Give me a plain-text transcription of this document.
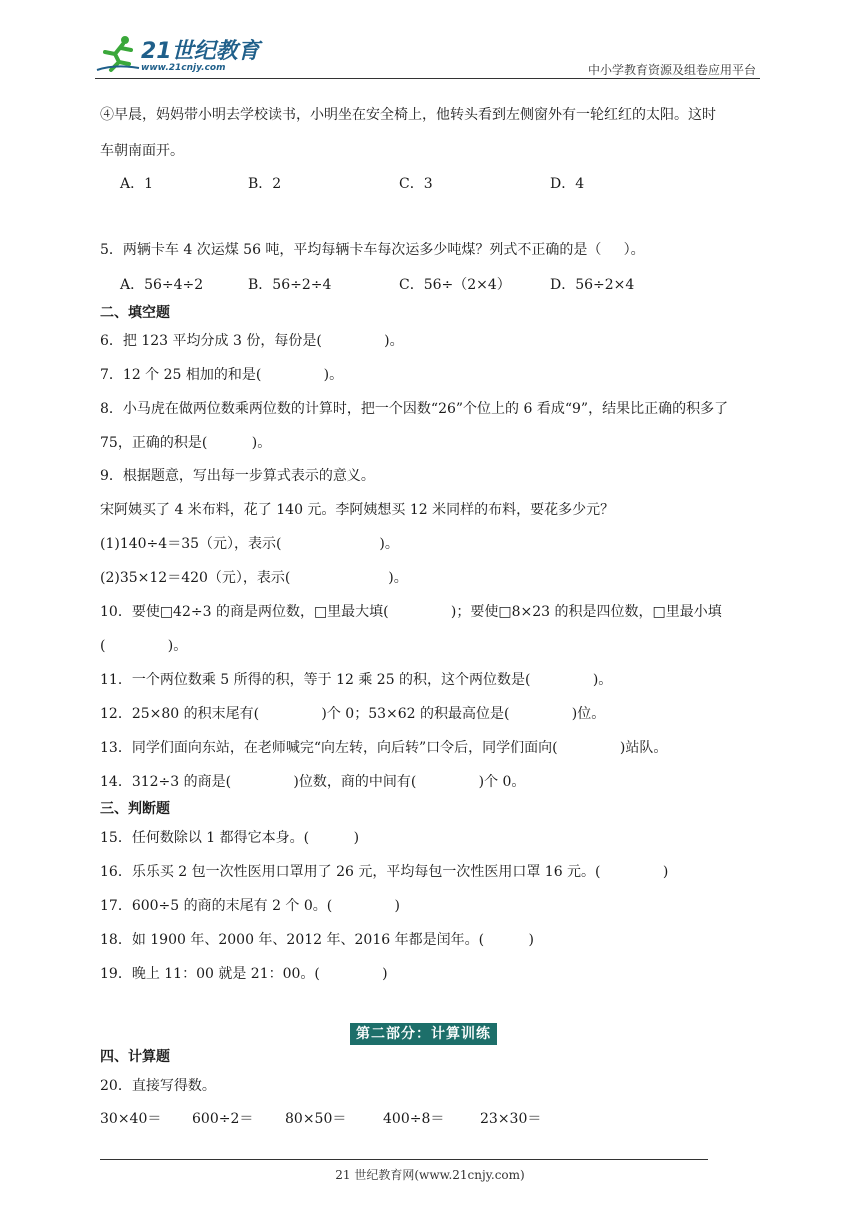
21世纪教育
www.21cnjy.com	中小学教育资源及组卷应用平台
④早晨，妈妈带小明去学校读书，小明坐在安全椅上，他转头看到左侧窗外有一轮红红的太阳。这时
车朝南面开。
A．1	B．2	C．3	D．4
5．两辆卡车 4 次运煤 56 吨，平均每辆卡车每次运多少吨煤？列式不正确的是（     ）。
A．56÷4÷2	B．56÷2÷4	C．56÷（2×4）	D．56÷2×4
二、填空题
6．把 123 平均分成 3 份，每份是(              )。
7．12 个 25 相加的和是(              )。
8．小马虎在做两位数乘两位数的计算时，把一个因数“26”个位上的 6 看成“9”，结果比正确的积多了
75，正确的积是(          )。
9．根据题意，写出每一步算式表示的意义。
宋阿姨买了 4 米布料，花了 140 元。李阿姨想买 12 米同样的布料，要花多少元？
(1)140÷4＝35（元），表示(                      )。
(2)35×12＝420（元），表示(                      )。
10．要使□42÷3 的商是两位数，□里最大填(              )；要使□8×23 的积是四位数，□里最小填
(              )。
11．一个两位数乘 5 所得的积，等于 12 乘 25 的积，这个两位数是(              )。
12．25×80 的积末尾有(              )个 0；53×62 的积最高位是(              )位。
13．同学们面向东站，在老师喊完“向左转，向后转”口令后，同学们面向(              )站队。
14．312÷3 的商是(              )位数，商的中间有(              )个 0。
三、判断题
15．任何数除以 1 都得它本身。(          )
16．乐乐买 2 包一次性医用口罩用了 26 元，平均每包一次性医用口罩 16 元。(              )
17．600÷5 的商的末尾有 2 个 0。(              )
18．如 1900 年、2000 年、2012 年、2016 年都是闰年。(          )
19．晚上 11：00 就是 21：00。(              )
第二部分：计算训练
四、计算题
20．直接写得数。
30×40＝ 600÷2＝ 80×50＝	400÷8＝	23×30＝
21 世纪教育网(www.21cnjy.com)
